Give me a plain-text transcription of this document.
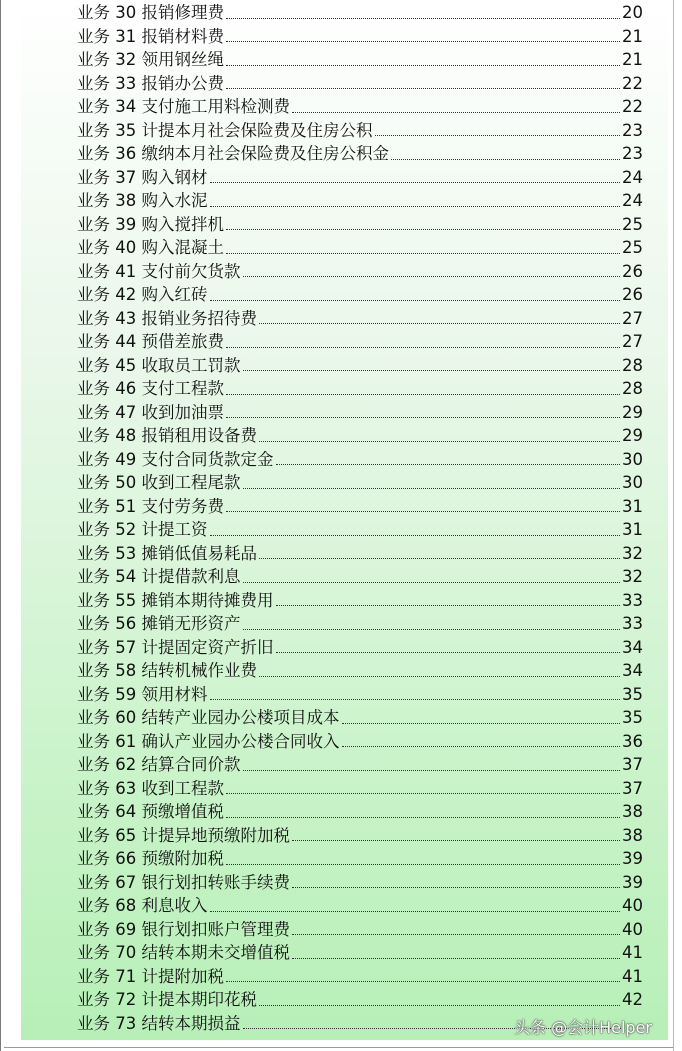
业务 30 报销修理费	20
业务 31 报销材料费	21
业务 32 领用钢丝绳	21
业务 33 报销办公费	22
业务 34 支付施工用料检测费	22
业务 35 计提本月社会保险费及住房公积	23
业务 36 缴纳本月社会保险费及住房公积金	23
业务 37 购入钢材	24
业务 38 购入水泥	24
业务 39 购入搅拌机	25
业务 40 购入混凝土	25
业务 41 支付前欠货款	26
业务 42 购入红砖	26
业务 43 报销业务招待费	27
业务 44 预借差旅费	27
业务 45 收取员工罚款	28
业务 46 支付工程款	28
业务 47 收到加油票	29
业务 48 报销租用设备费	29
业务 49 支付合同货款定金	30
业务 50 收到工程尾款	30
业务 51 支付劳务费	31
业务 52 计提工资	31
业务 53 摊销低值易耗品	32
业务 54 计提借款利息	32
业务 55 摊销本期待摊费用	33
业务 56 摊销无形资产	33
业务 57 计提固定资产折旧	34
业务 58 结转机械作业费	34
业务 59 领用材料	35
业务 60 结转产业园办公楼项目成本	35
业务 61 确认产业园办公楼合同收入	36
业务 62 结算合同价款	37
业务 63 收到工程款	37
业务 64 预缴增值税	38
业务 65 计提异地预缴附加税	38
业务 66 预缴附加税	39
业务 67 银行划扣转账手续费	39
业务 68 利息收入	40
业务 69 银行划扣账户管理费	40
业务 70 结转本期未交增值税	41
业务 71 计提附加税	41
业务 72 计提本期印花税	42
业务 73 结转本期损益	头条 @会计Helper
